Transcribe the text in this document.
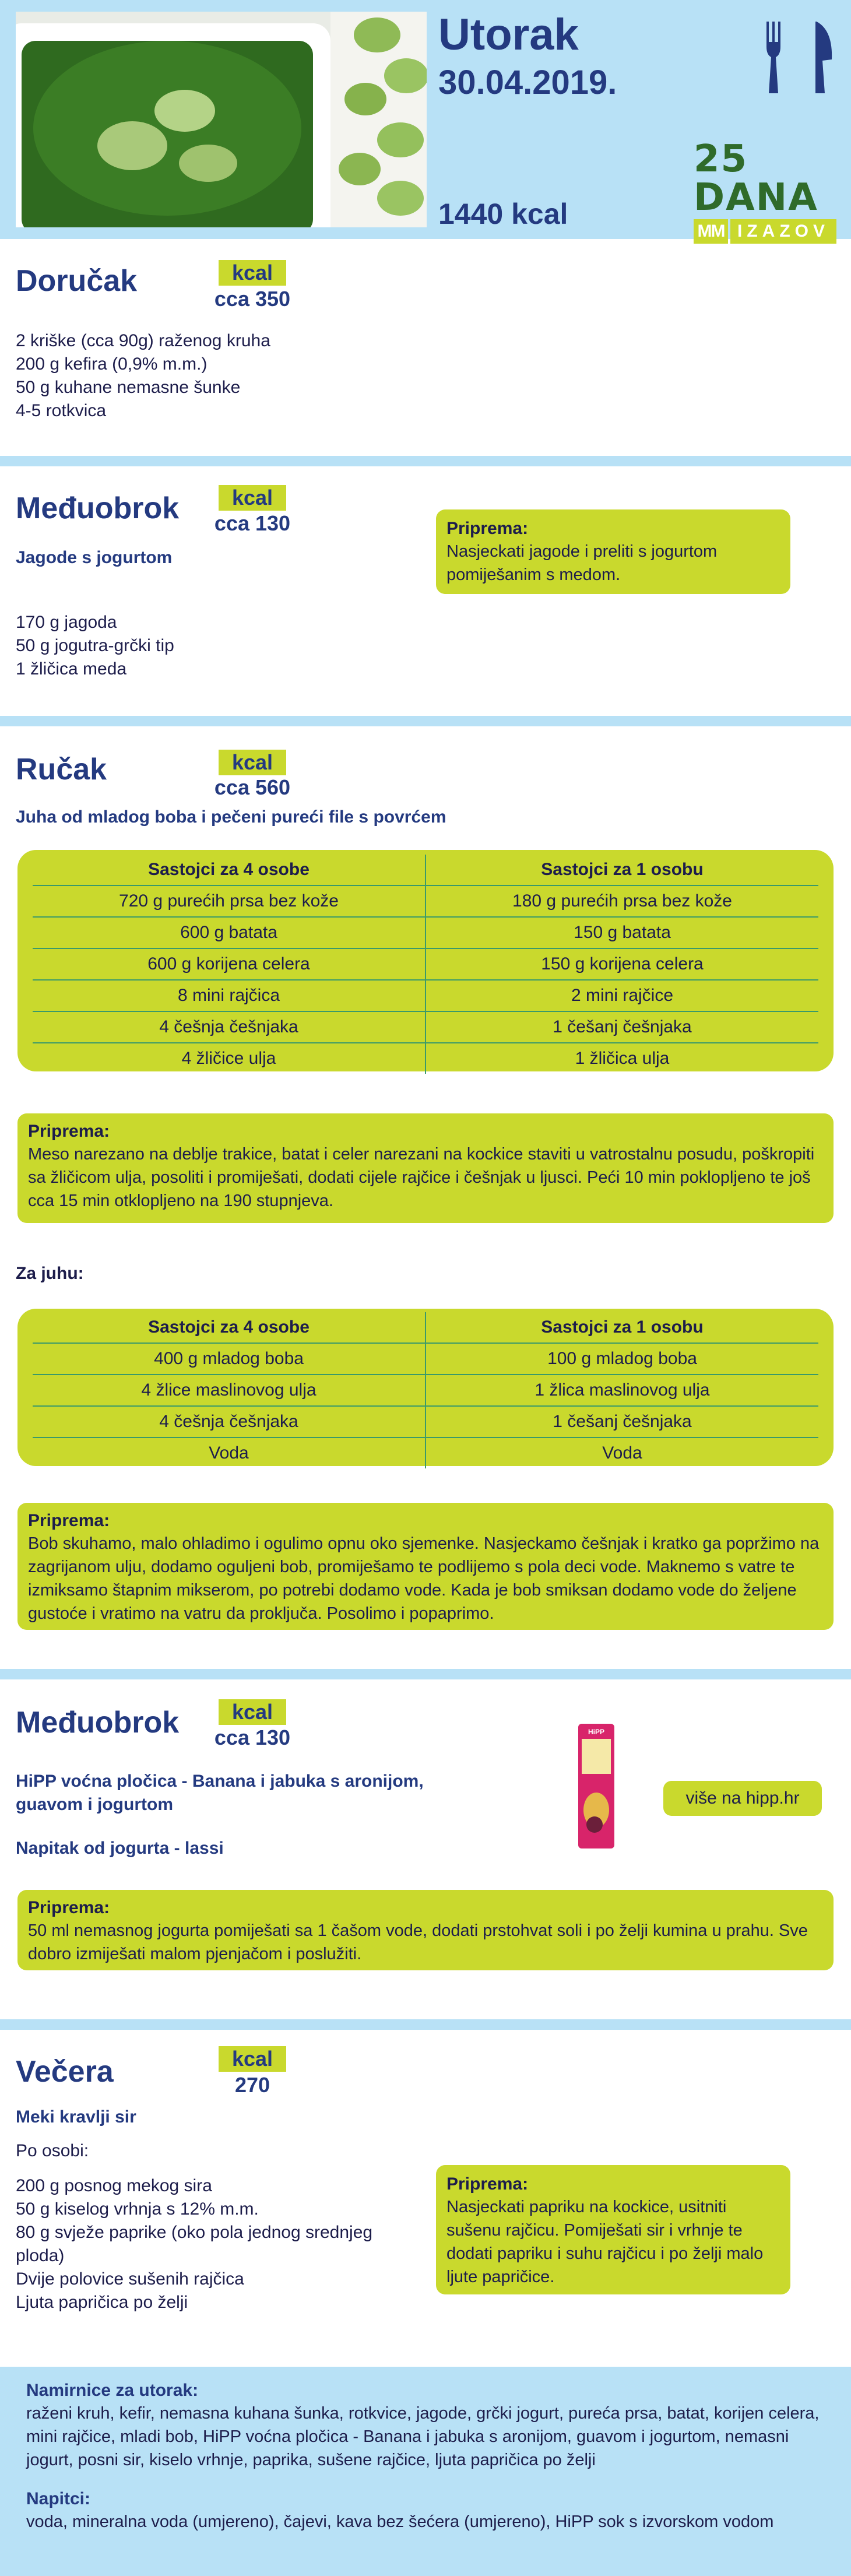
Utorak
30.04.2019.
1440 kcal
25 DANA
MM IZAZOV
Doručak	kcal
cca 350
2 kriške (cca 90g) raženog kruha
200 g kefira (0,9% m.m.)
50 g kuhane nemasne šunke
4-5 rotkvica
Međuobrok	kcal
cca 130
Jagode s jogurtom
170 g jagoda
50 g jogutra-grčki tip
1 žličica meda
Priprema:
Nasjeckati jagode i preliti s jogurtom pomiješanim s medom.
Ručak	kcal
cca 560
Juha od mladog boba i pečeni pureći file s povrćem
Sastojci za 4 osobe	Sastojci za 1 osobu
720 g purećih prsa bez kože	180 g purećih prsa bez kože
600 g batata	150 g batata
600 g korijena celera	150 g korijena celera
8 mini rajčica	2 mini rajčice
4 češnja češnjaka	1 češanj češnjaka
4 žličice ulja	1 žličica ulja
Priprema:
Meso narezano na deblje trakice, batat i celer narezani na kockice staviti u vatrostalnu posudu, poškropiti sa žličicom ulja, posoliti i promiješati, dodati cijele rajčice i češnjak u ljusci. Peći 10 min poklopljeno te još cca 15 min otklopljeno na 190 stupnjeva.
Za juhu:
Sastojci za 4 osobe	Sastojci za 1 osobu
400 g mladog boba	100 g mladog boba
4 žlice maslinovog ulja	1 žlica maslinovog ulja
4 češnja češnjaka	1 češanj češnjaka
Voda	Voda
Priprema:
Bob skuhamo, malo ohladimo i ogulimo opnu oko sjemenke. Nasjeckamo češnjak i kratko ga popržimo na zagrijanom ulju, dodamo oguljeni bob, promiješamo te podlijemo s pola deci vode. Maknemo s vatre te izmiksamo štapnim mikserom, po potrebi dodamo vode. Kada je bob smiksan dodamo vode do željene gustoće i vratimo na vatru da proključa. Posolimo i popaprimo.
Međuobrok	kcal
cca 130
HiPP voćna pločica - Banana i jabuka s aronijom, guavom i jogurtom
Napitak od jogurta - lassi
HiPP
više na hipp.hr
Priprema:
50 ml nemasnog jogurta pomiješati sa 1 čašom vode, dodati prstohvat soli i po želji kumina u prahu. Sve dobro izmiješati malom pjenjačom i poslužiti.
Večera	kcal
270
Meki kravlji sir
Po osobi:
200 g posnog mekog sira
50 g kiselog vrhnja s 12% m.m.
80 g svježe paprike (oko pola jednog srednjeg ploda)
Dvije polovice sušenih rajčica
Ljuta papričica po želji
Priprema:
Nasjeckati papriku na kockice, usitniti sušenu rajčicu. Pomiješati sir i vrhnje te dodati papriku i suhu rajčicu i po želji malo ljute papričice.
Namirnice za utorak:
raženi kruh, kefir, nemasna kuhana šunka, rotkvice, jagode, grčki jogurt, pureća prsa, batat, korijen celera, mini rajčice, mladi bob, HiPP voćna pločica - Banana i jabuka s aronijom, guavom i jogurtom, nemasni jogurt, posni sir, kiselo vrhnje, paprika, sušene rajčice, ljuta papričica po želji
Napitci:
voda, mineralna voda (umjereno), čajevi, kava bez šećera (umjereno), HiPP sok s izvorskom vodom
